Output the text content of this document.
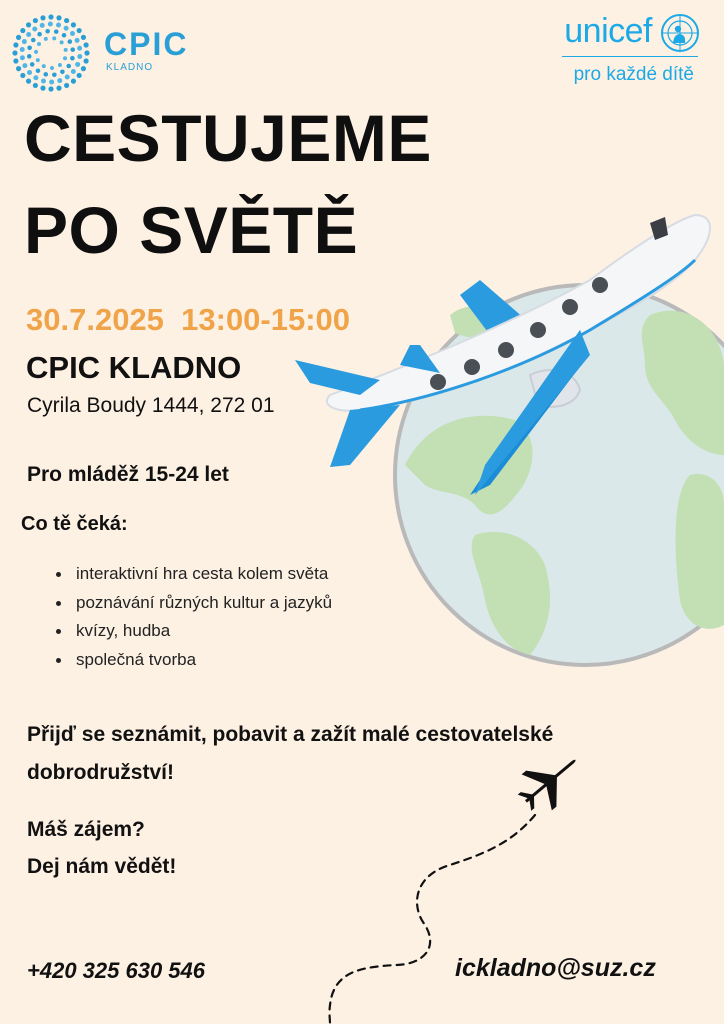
CPIC
KLADNO
unicef
pro každé dítě
CESTUJEME
PO SVĚTĚ
30.7.2025  13:00-15:00
CPIC KLADNO
Cyrila Boudy 1444, 272 01
Pro mláděž 15-24 let
Co tě čeká:
interaktivní hra cesta kolem světa
poznávání různých kultur a jazyků
kvízy, hudba
společná tvorba
Přijď se seznámit, pobavit a zažít malé cestovatelské dobrodružství!
Máš zájem?
Dej nám vědět!
+420 325 630 546	ickladno@suz.cz
